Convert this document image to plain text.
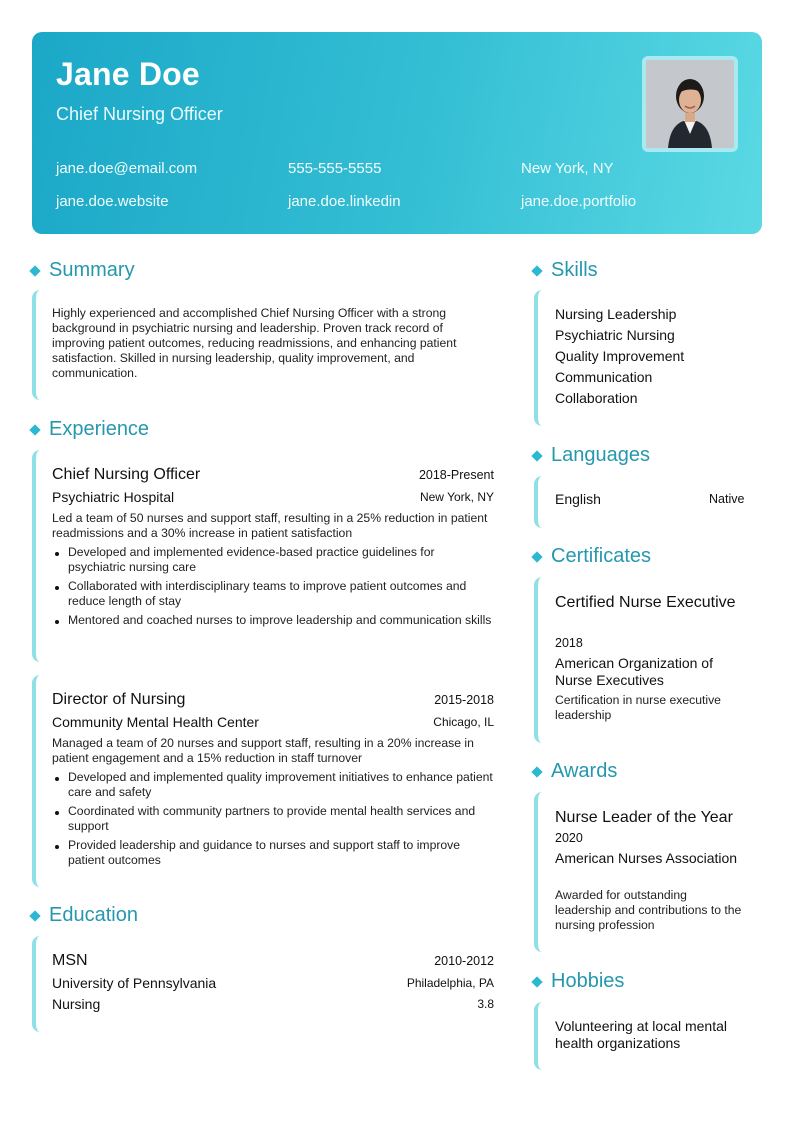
Jane Doe
Chief Nursing Officer
jane.doe@email.com	555-555-5555	New York, NY
jane.doe.website	jane.doe.linkedin	jane.doe.portfolio
Summary
Highly experienced and accomplished Chief Nursing Officer with a strong background in psychiatric nursing and leadership. Proven track record of improving patient outcomes, reducing readmissions, and enhancing patient satisfaction. Skilled in nursing leadership, quality improvement, and communication.
Experience
Chief Nursing Officer	2018-Present
Psychiatric Hospital	New York, NY
Led a team of 50 nurses and support staff, resulting in a 25% reduction in patient readmissions and a 30% increase in patient satisfaction
Developed and implemented evidence-based practice guidelines for psychiatric nursing care
Collaborated with interdisciplinary teams to improve patient outcomes and reduce length of stay
Mentored and coached nurses to improve leadership and communication skills
Director of Nursing	2015-2018
Community Mental Health Center	Chicago, IL
Managed a team of 20 nurses and support staff, resulting in a 20% increase in patient engagement and a 15% reduction in staff turnover
Developed and implemented quality improvement initiatives to enhance patient care and safety
Coordinated with community partners to provide mental health services and support
Provided leadership and guidance to nurses and support staff to improve patient outcomes
Education
MSN	2010-2012
University of Pennsylvania	Philadelphia, PA
Nursing	3.8
Skills
Nursing Leadership
Psychiatric Nursing
Quality Improvement
Communication
Collaboration
Languages
English	Native
Certificates
Certified Nurse Executive
2018
American Organization of Nurse Executives
Certification in nurse executive leadership
Awards
Nurse Leader of the Year
2020
American Nurses Association
Awarded for outstanding leadership and contributions to the nursing profession
Hobbies
Volunteering at local mental health organizations
